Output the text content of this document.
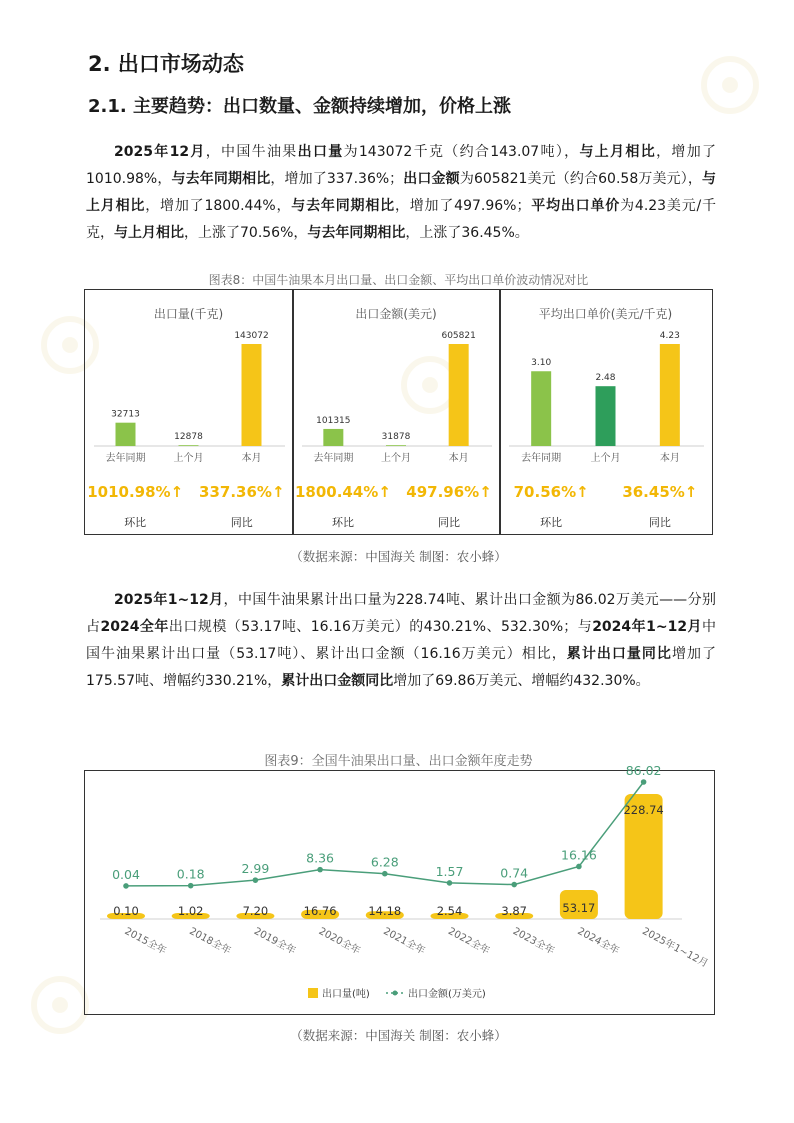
2. 出口市场动态
2.1. 主要趋势：出口数量、金额持续增加，价格上涨
2025年12月，中国牛油果出口量为143072千克（约合143.07吨），与上月相比，增加了1010.98%，与去年同期相比，增加了337.36%；出口金额为605821美元（约合60.58万美元），与上月相比，增加了1800.44%，与去年同期相比，增加了497.96%；平均出口单价为4.23美元/千克，与上月相比，上涨了70.56%，与去年同期相比，上涨了36.45%。
图表8：中国牛油果本月出口量、出口金额、平均出口单价波动情况对比
出口量(千克)
32713
去年同期
12878
上个月
143072
本月
1010.98%↑
环比
337.36%↑
同比
出口金额(美元)
101315
去年同期
31878
上个月
605821
本月
1800.44%↑
环比
497.96%↑
同比
平均出口单价(美元/千克)
3.10
去年同期
2.48
上个月
4.23
本月
70.56%↑
环比
36.45%↑
同比
（数据来源：中国海关 制图：农小蜂）
2025年1~12月，中国牛油果累计出口量为228.74吨、累计出口金额为86.02万美元——分别占2024全年出口规模（53.17吨、16.16万美元）的430.21%、532.30%；与2024年1~12月中国牛油果累计出口量（53.17吨）、累计出口金额（16.16万美元）相比，累计出口量同比增加了175.57吨、增幅约330.21%，累计出口金额同比增加了69.86万美元、增幅约432.30%。
图表9：全国牛油果出口量、出口金额年度走势
0.10
2015全年
1.02
2018全年
7.20
2019全年
16.76
2020全年
14.18
2021全年
2.54
2022全年
3.87
2023全年
53.17
2024全年
228.74
2025年1~12月
0.04	0.18	2.99
8.36	6.28
1.57	0.74
16.16
86.02
出口量(吨)	出口金额(万美元)
（数据来源：中国海关 制图：农小蜂）
